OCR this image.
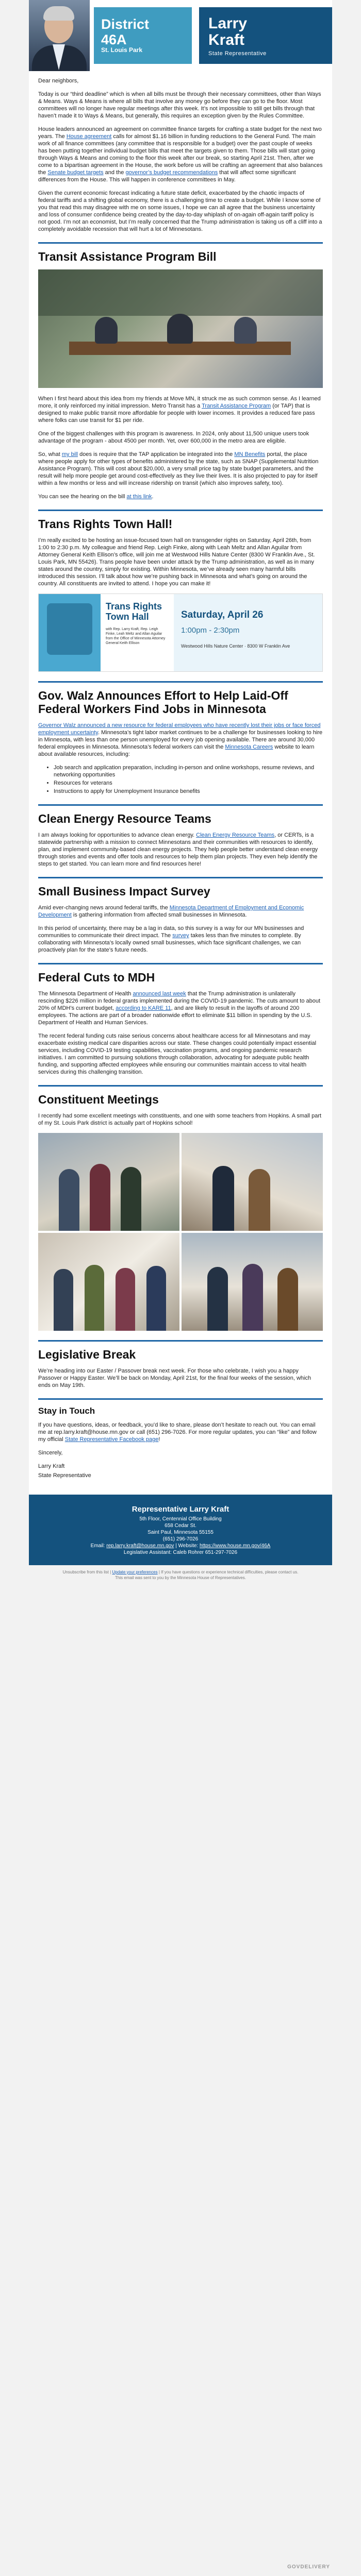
District
46A
St. Louis Park
Larry
Kraft
State Representative

Dear neighbors,

Today is our “third deadline” which is when all bills must be through their necessary committees, other than Ways & Means. Ways & Means is where all bills that involve any money go before they can go to the floor. Most committees will no longer have regular meetings after this week. It’s not impossible to still get bills through that haven’t made it to Ways & Means, but generally, this requires an exception given by the Rules Committee.

House leaders announced an agreement on committee finance targets for crafting a state budget for the next two years. The House agreement calls for almost $1.16 billion in funding reductions to the General Fund. The main work of all finance committees (any committee that is responsible for a budget) over the past couple of weeks has been putting together individual budget bills that meet the targets given to them. Those bills will start going through Ways & Means and coming to the floor this week after our break, so starting April 21st. Then, after we come to a bipartisan agreement in the House, the work before us will be crafting an agreement that also balances the Senate budget targets and the governor’s budget recommendations that will affect some significant differences from the House. This will happen in conference committees in May.

Given the current economic forecast indicating a future state deficit, exacerbated by the chaotic impacts of federal tariffs and a shifting global economy, there is a challenging time to create a budget. While I know some of you that read this may disagree with me on some issues, I hope we can all agree that the business uncertainty and loss of consumer confidence being created by the day-to-day whiplash of on-again off-again tariff policy is not good. I’m not an economist, but I’m really concerned that the Trump administration is taking us off a cliff into a completely avoidable recession that will hurt a lot of Minnesotans.

Transit Assistance Program Bill

When I first heard about this idea from my friends at Move MN, it struck me as such common sense. As I learned more, it only reinforced my initial impression. Metro Transit has a Transit Assistance Program (or TAP) that is designed to make public transit more affordable for people with lower incomes. It provides a reduced fare pass where folks can use transit for $1 per ride.

One of the biggest challenges with this program is awareness. In 2024, only about 11,500 unique users took advantage of the program - about 4500 per month. Yet, over 600,000 in the metro area are eligible.

So, what my bill does is require that the TAP application be integrated into the MN Benefits portal, the place where people apply for other types of benefits administered by the state, such as SNAP (Supplemental Nutrition Assistance Program). This will cost about $20,000, a very small price tag by state budget parameters, and the result will help more people get around cost-effectively as they live their lives. It is also projected to pay for itself within a few months or less and will increase ridership on transit (which also improves safety, too).

You can see the hearing on the bill at this link.

Trans Rights Town Hall!

I’m really excited to be hosting an issue-focused town hall on transgender rights on Saturday, April 26th, from 1:00 to 2:30 p.m. My colleague and friend Rep. Leigh Finke, along with Leah Meltz and Allan Aguilar from Attorney General Keith Ellison’s office, will join me at Westwood Hills Nature Center (8300 W Franklin Ave., St. Louis Park, MN 55426). Trans people have been under attack by the Trump administration, as well as in many states around the country, simply for existing. Within Minnesota, we’ve already seen many harmful bills introduced this session. I’ll talk about how we’re pushing back in Minnesota and what’s going on around the country. All constituents are invited to attend. I hope you can make it!

Trans Rights
Town Hall
with Rep. Larry Kraft, Rep. Leigh Finke, Leah Meltz and Allan Aguilar from the Office of Minnesota Attorney General Keith Ellison
Saturday, April 26
1:00pm - 2:30pm
Westwood Hills Nature Center · 8300 W Franklin Ave
Gov. Walz Announces Effort to Help Laid-Off Federal Workers Find Jobs in Minnesota

Governor Walz announced a new resource for federal employees who have recently lost their jobs or face forced employment uncertainty. Minnesota’s tight labor market continues to be a challenge for businesses looking to hire in Minnesota, with less than one person unemployed for every job opening available. There are around 30,000 federal employees in Minnesota. Minnesota’s federal workers can visit the Minnesota Careers website to learn about available resources, including:

• Job search and application preparation, including in-person and online workshops, resume reviews, and networking opportunities
• Resources for veterans
• Instructions to apply for Unemployment Insurance benefits
Clean Energy Resource Teams

I am always looking for opportunities to advance clean energy. Clean Energy Resource Teams, or CERTs, is a statewide partnership with a mission to connect Minnesotans and their communities with resources to identify, plan, and implement community-based clean energy projects. They help people better understand clean energy through stories and events and offer tools and resources to help them plan projects. They even help identify the steps to get started. You can learn more and find resources here!

Small Business Impact Survey

Amid ever-changing news around federal tariffs, the Minnesota Department of Employment and Economic Development is gathering information from affected small businesses in Minnesota.

In this period of uncertainty, there may be a lag in data, so this survey is a way for our MN businesses and communities to communicate their direct impact. The survey takes less than five minutes to complete. By collaborating with Minnesota’s locally owned small businesses, which face significant challenges, we can proactively plan for the state’s future needs.

Federal Cuts to MDH

The Minnesota Department of Health announced last week that the Trump administration is unilaterally rescinding $226 million in federal grants implemented during the COVID-19 pandemic. The cuts amount to about 20% of MDH’s current budget, according to KARE 11, and are likely to result in the layoffs of around 200 employees. The actions are part of a broader nationwide effort to eliminate $11 billion in spending by the U.S. Department of Health and Human Services.

The recent federal funding cuts raise serious concerns about healthcare access for all Minnesotans and may exacerbate existing medical care disparities across our state. These changes could potentially impact essential services, including COVID-19 testing capabilities, vaccination programs, and ongoing pandemic research initiatives. I am committed to pursuing solutions through collaboration, advocating for adequate public health funding, and supporting affected employees while ensuring our communities maintain access to vital health services during this challenging transition.

Constituent Meetings

I recently had some excellent meetings with constituents, and one with some teachers from Hopkins. A small part of my St. Louis Park district is actually part of Hopkins school!

Legislative Break

We’re heading into our Easter / Passover break next week. For those who celebrate, I wish you a happy Passover or Happy Easter. We’ll be back on Monday, April 21st, for the final four weeks of the session, which ends on May 19th.

Stay in Touch

If you have questions, ideas, or feedback, you’d like to share, please don’t hesitate to reach out. You can email me at rep.larry.kraft@house.mn.gov or call (651) 296-7026. For more regular updates, you can “like” and follow my official State Representative Facebook page!

Sincerely,

Larry Kraft

State Representative

Representative Larry Kraft
5th Floor, Centennial Office Building
658 Cedar St.
Saint Paul, Minnesota 55155
(651) 296-7026
Email: rep.larry.kraft@house.mn.gov | Website: https://www.house.mn.gov/46A
Legislative Assistant: Caleb Rohrer 651-297-7026
Unsubscribe from this list | Update your preferences | If you have questions or experience technical difficulties, please contact us.
This email was sent to you by the Minnesota House of Representatives.
GOVDELIVERY
